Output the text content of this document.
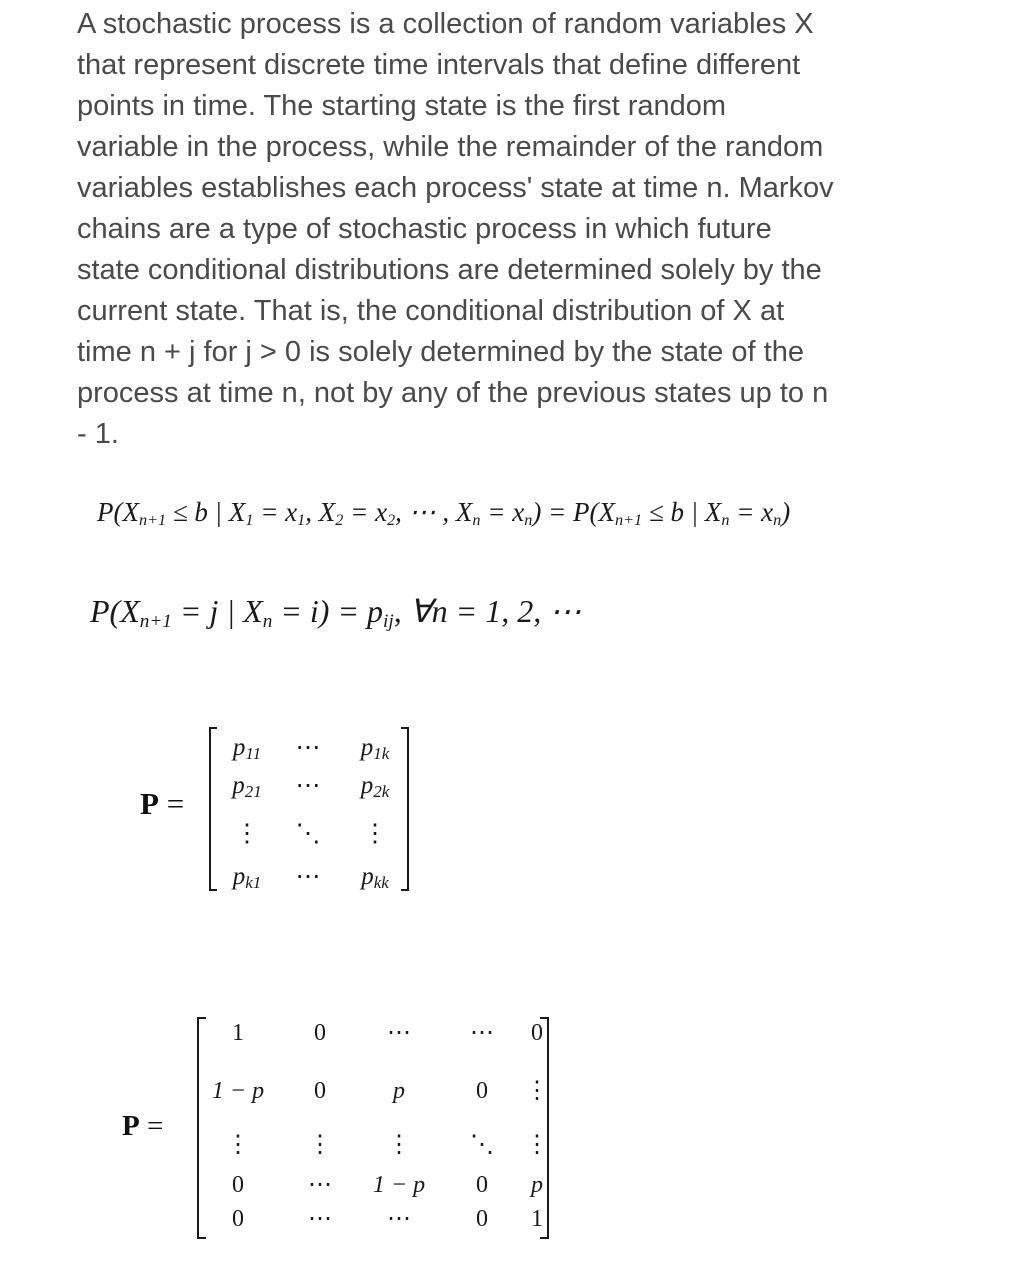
A stochastic process is a collection of random variables X
that represent discrete time intervals that define different
points in time. The starting state is the first random
variable in the process, while the remainder of the random
variables establishes each process' state at time n. Markov
chains are a type of stochastic process in which future
state conditional distributions are determined solely by the
current state. That is, the conditional distribution of X at
time n + j for j > 0 is solely determined by the state of the
process at time n, not by any of the previous states up to n
- 1.

$P(X_{n+1} \le b$ | $X_1 = x_1$, $X_2 = x_2$, ⋯ , $X_n = x_n) = P(X_{n+1} \le b$ | $X_n = x_n$)
$P(X_{n+1} = j$ | $X_n = i) = p_{ij}$, ∀n = 1, 2, ⋯
P =
p11 ⋯ p1k
p21 ⋯ p2k
⋮ ⋱ ⋮
pk1 ⋯ pkk
P =
1	0	⋯ ⋯ 0
1 − p 0	p	0 ⋮
⋮ ⋮ ⋮ ⋱ ⋮
0	⋯ 1 − p 0 p
0	⋯ ⋯	0 1
